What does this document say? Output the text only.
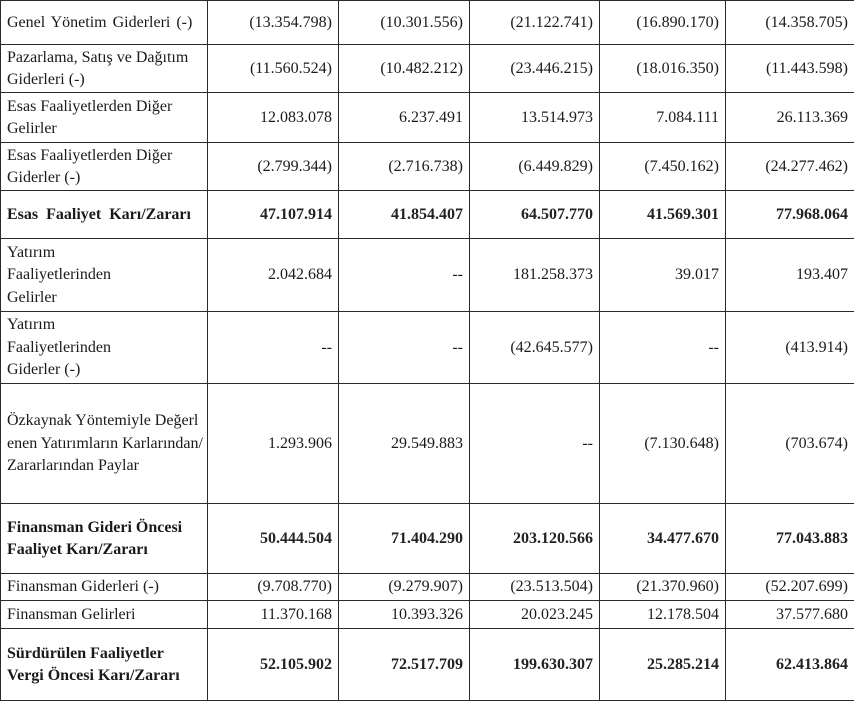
Genel Yönetim Giderleri (-)	(13.354.798)	(10.301.556)	(21.122.741)	(16.890.170)	(14.358.705)
Pazarlama, Satış ve Dağıtım Giderleri (-)	(11.560.524)	(10.482.212)	(23.446.215)	(18.016.350)	(11.443.598)
Esas Faaliyetlerden Diğer Gelirler	12.083.078	6.237.491	13.514.973	7.084.111	26.113.369
Esas Faaliyetlerden Diğer Giderler (-)	(2.799.344)	(2.716.738)	(6.449.829)	(7.450.162)	(24.277.462)
Esas Faaliyet Karı/Zararı	47.107.914	41.854.407	64.507.770	41.569.301	77.968.064
Yatırım Faaliyetlerinden Gelirler	2.042.684	--	181.258.373	39.017	193.407
Yatırım Faaliyetlerinden Giderler (-)	--	--	(42.645.577)	--	(413.914)
Özkaynak Yöntemiyle Değerlenen Yatırımların Karlarından/Zararlarından Paylar	1.293.906	29.549.883	--	(7.130.648)	(703.674)
Finansman Gideri Öncesi Faaliyet Karı/Zararı	50.444.504	71.404.290	203.120.566	34.477.670	77.043.883
Finansman Giderleri (-)	(9.708.770)	(9.279.907)	(23.513.504)	(21.370.960)	(52.207.699)
Finansman Gelirleri	11.370.168	10.393.326	20.023.245	12.178.504	37.577.680
Sürdürülen Faaliyetler Vergi Öncesi Karı/Zararı	52.105.902	72.517.709	199.630.307	25.285.214	62.413.864
